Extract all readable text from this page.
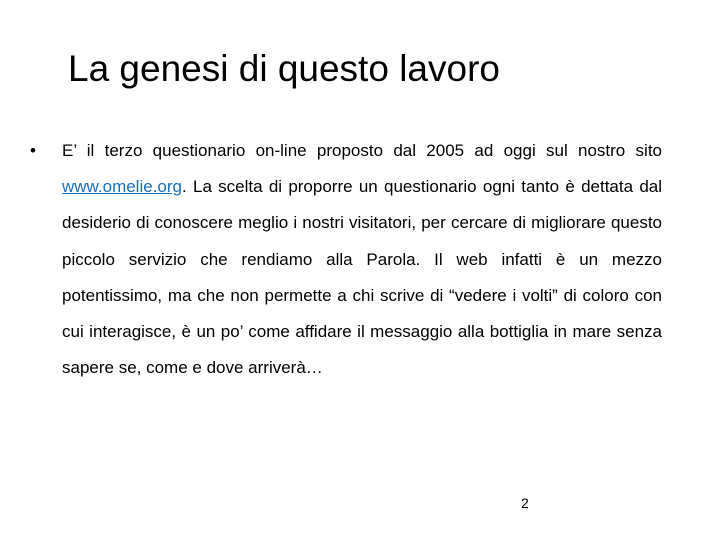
La genesi di questo lavoro
•	E’ il terzo questionario on-line proposto dal 2005 ad oggi sul nostro sito www.omelie.org. La scelta di proporre un questionario ogni tanto è dettata dal desiderio di conoscere meglio i nostri visitatori, per cercare di migliorare questo piccolo servizio che rendiamo alla Parola. Il web infatti è un mezzo potentissimo, ma che non permette a chi scrive di “vedere i volti” di coloro con cui interagisce, è un po’ come affidare il messaggio alla bottiglia in mare senza sapere se, come e dove arriverà…

2
